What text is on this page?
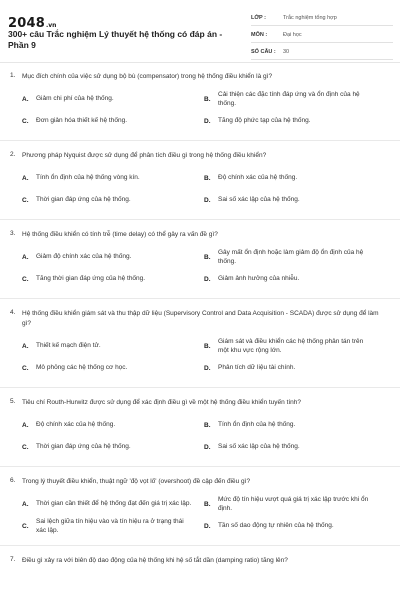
2048.vn
300+ câu Trắc nghiệm Lý thuyết hệ thống có đáp án - Phần 9
LỚP :	Trắc nghiệm tổng hợp
MÔN :	Đại học
SỐ CÂU :	30
1. Mục đích chính của việc sử dụng bộ bù (compensator) trong hệ thống điều khiển là gì?
A.	Giảm chi phí của hệ thống.	B.
Cải thiện các đặc tính đáp ứng và ổn định của hệ thống.
C.	Đơn giản hóa thiết kế hệ thống.	D.	Tăng độ phức tạp của hệ thống.
2. Phương pháp Nyquist được sử dụng để phân tích điều gì trong hệ thống điều khiển?
A.	Tính ổn định của hệ thống vòng kín.	B.	Độ chính xác của hệ thống.
C.	Thời gian đáp ứng của hệ thống.	D.	Sai số xác lập của hệ thống.
3. Hệ thống điều khiển có tính trễ (time delay) có thể gây ra vấn đề gì?
A.	Giảm độ chính xác của hệ thống.	B.
Gây mất ổn định hoặc làm giảm độ ổn định của hệ thống.
C.	Tăng thời gian đáp ứng của hệ thống.	D.	Giảm ảnh hưởng của nhiễu.
4. Hệ thống điều khiển giám sát và thu thập dữ liệu (Supervisory Control and Data Acquisition - SCADA) được sử dụng để làm gì?
A.	Thiết kế mạch điện tử.	B.
Giám sát và điều khiển các hệ thống phân tán trên một khu vực rộng lớn.
C.	Mô phỏng các hệ thống cơ học.	D.	Phân tích dữ liệu tài chính.
5. Tiêu chí Routh-Hurwitz được sử dụng để xác định điều gì về một hệ thống điều khiển tuyến tính?
A.	Độ chính xác của hệ thống.	B.	Tính ổn định của hệ thống.
C.	Thời gian đáp ứng của hệ thống.	D.	Sai số xác lập của hệ thống.
6. Trong lý thuyết điều khiển, thuật ngữ 'độ vọt lố' (overshoot) đề cập đến điều gì?
A.	Thời gian cần thiết để hệ thống đạt đến giá trị xác lập. B.
Mức độ tín hiệu vượt quá giá trị xác lập trước khi ổn định.
C.
Sai lệch giữa tín hiệu vào và tín hiệu ra ở trạng thái xác lập.
D.	Tần số dao động tự nhiên của hệ thống.
7. Điều gì xảy ra với biên độ dao động của hệ thống khi hệ số tắt dần (damping ratio) tăng lên?
